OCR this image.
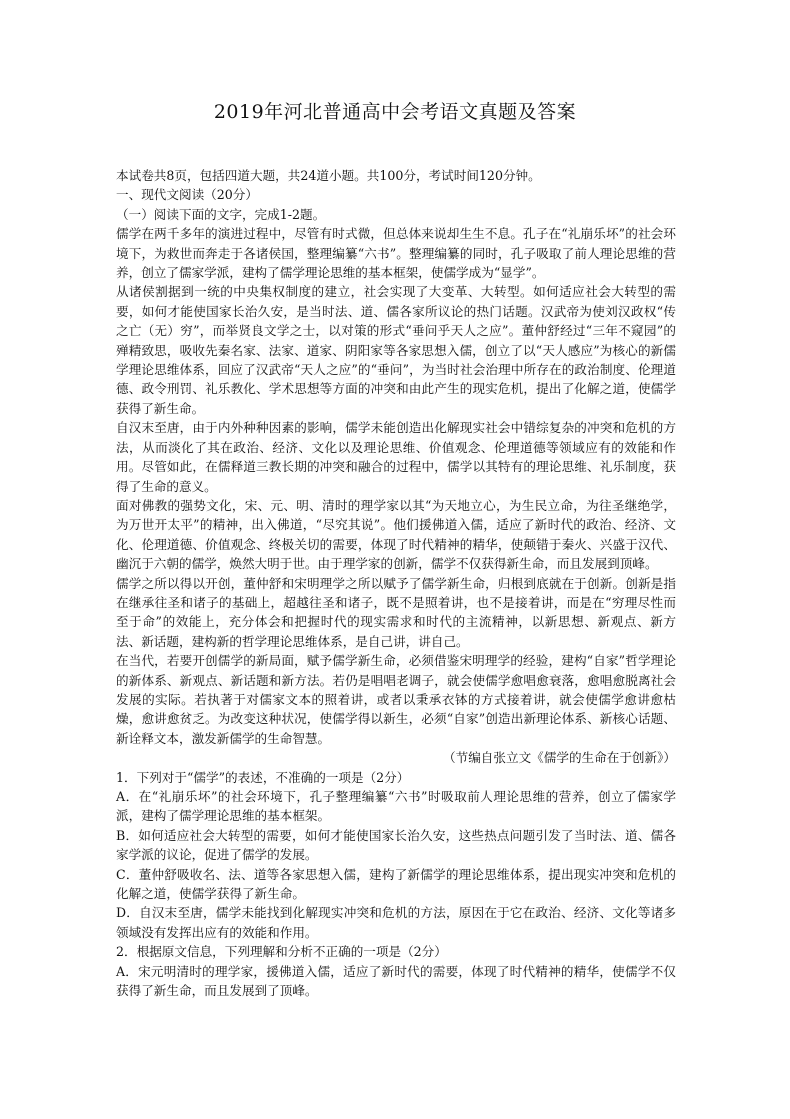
2019年河北普通高中会考语文真题及答案

本试卷共8页，包括四道大题，共24道小题。共100分，考试时间120分钟。

一、现代文阅读（20分）

（一）阅读下面的文字，完成1-2题。

儒学在两千多年的演进过程中，尽管有时式微，但总体来说却生生不息。孔子在“礼崩乐坏”的社会环境下，为救世而奔走于各诸侯国，整理编纂“六书”。整理编纂的同时，孔子吸取了前人理论思维的营养，创立了儒家学派，建构了儒学理论思维的基本框架，使儒学成为“显学”。

从诸侯割据到一统的中央集权制度的建立，社会实现了大变革、大转型。如何适应社会大转型的需要，如何才能使国家长治久安，是当时法、道、儒各家所议论的热门话题。汉武帝为使刘汉政权“传之亡（无）穷”，而举贤良文学之士，以对策的形式“垂问乎天人之应”。董仲舒经过“三年不窥园”的殚精致思，吸收先秦名家、法家、道家、阴阳家等各家思想入儒，创立了以“天人感应”为核心的新儒学理论思维体系，回应了汉武帝“天人之应”的“垂问”，为当时社会治理中所存在的政治制度、伦理道德、政令刑罚、礼乐教化、学术思想等方面的冲突和由此产生的现实危机，提出了化解之道，使儒学获得了新生命。

自汉末至唐，由于内外种种因素的影响，儒学未能创造出化解现实社会中错综复杂的冲突和危机的方法，从而淡化了其在政治、经济、文化以及理论思维、价值观念、伦理道德等领域应有的效能和作用。尽管如此，在儒释道三教长期的冲突和融合的过程中，儒学以其特有的理论思维、礼乐制度，获得了生命的意义。

面对佛教的强势文化，宋、元、明、清时的理学家以其“为天地立心，为生民立命，为往圣继绝学，为万世开太平”的精神，出入佛道，“尽究其说”。他们援佛道入儒，适应了新时代的政治、经济、文化、伦理道德、价值观念、终极关切的需要，体现了时代精神的精华，使颠错于秦火、兴盛于汉代、幽沉于六朝的儒学，焕然大明于世。由于理学家的创新，儒学不仅获得新生命，而且发展到顶峰。

儒学之所以得以开创，董仲舒和宋明理学之所以赋予了儒学新生命，归根到底就在于创新。创新是指在继承往圣和诸子的基础上，超越往圣和诸子，既不是照着讲，也不是接着讲，而是在“穷理尽性而至于命”的效能上，充分体会和把握时代的现实需求和时代的主流精神，以新思想、新观点、新方法、新话题，建构新的哲学理论思维体系，是自己讲，讲自己。

在当代，若要开创儒学的新局面，赋予儒学新生命，必须借鉴宋明理学的经验，建构“自家”哲学理论的新体系、新观点、新话题和新方法。若仍是唱唱老调子，就会使儒学愈唱愈衰落，愈唱愈脱离社会发展的实际。若执著于对儒家文本的照着讲，或者以秉承衣钵的方式接着讲，就会使儒学愈讲愈枯燥，愈讲愈贫乏。为改变这种状况，使儒学得以新生，必须“自家”创造出新理论体系、新核心话题、新诠释文本，激发新儒学的生命智慧。

（节编自张立文《儒学的生命在于创新》）

1．下列对于“儒学”的表述，不准确的一项是（2分）

A．在“礼崩乐坏”的社会环境下，孔子整理编纂“六书”时吸取前人理论思维的营养，创立了儒家学派，建构了儒学理论思维的基本框架。

B．如何适应社会大转型的需要，如何才能使国家长治久安，这些热点问题引发了当时法、道、儒各家学派的议论，促进了儒学的发展。

C．董仲舒吸收名、法、道等各家思想入儒，建构了新儒学的理论思维体系，提出现实冲突和危机的化解之道，使儒学获得了新生命。

D．自汉末至唐，儒学未能找到化解现实冲突和危机的方法，原因在于它在政治、经济、文化等诸多领域没有发挥出应有的效能和作用。

2．根据原文信息，下列理解和分析不正确的一项是（2分）

A．宋元明清时的理学家，援佛道入儒，适应了新时代的需要，体现了时代精神的精华，使儒学不仅获得了新生命，而且发展到了顶峰。
